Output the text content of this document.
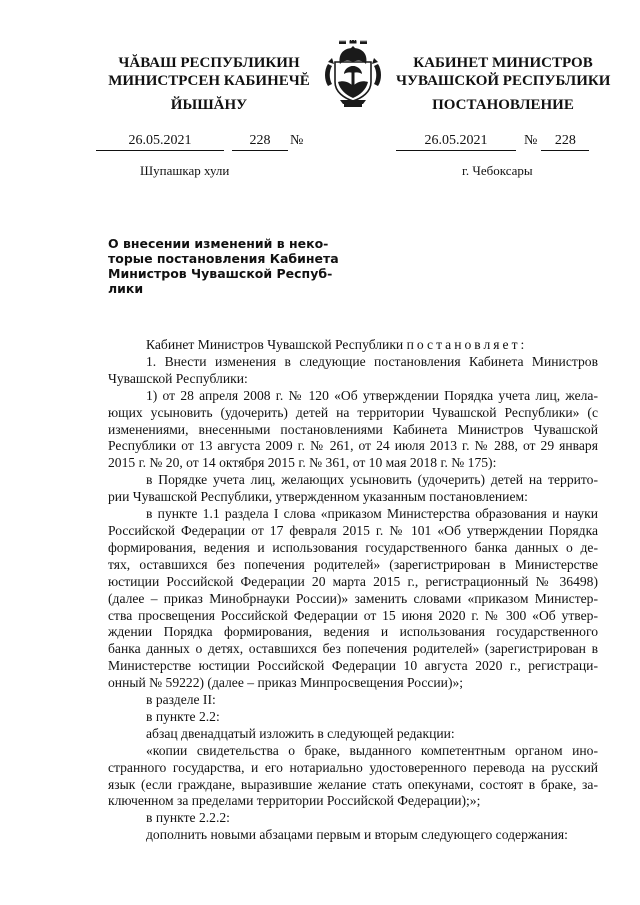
ЧĂВАШ РЕСПУБЛИКИН
МИНИСТРСЕН КАБИНЕЧĔ
КАБИНЕТ МИНИСТРОВ
ЧУВАШСКОЙ РЕСПУБЛИКИ
ЙЫШĂНУ	ПОСТАНОВЛЕНИЕ
26.05.2021	228 №	26.05.2021	№ 228
Шупашкар хули	г. Чебоксары
О внесении изменений в неко-
торые постановления Кабинета
Министров Чувашской Респуб-
лики
Кабинет Министров Чувашской Республики постановляет:
1. Внести изменения в следующие постановления Кабинета Министров
Чувашской Республики:
1) от 28 апреля 2008 г. № 120 «Об утверждении Порядка учета лиц, жела-
ющих усыновить (удочерить) детей на территории Чувашской Республики» (с
изменениями, внесенными постановлениями Кабинета Министров Чувашской
Республики от 13 августа 2009 г. № 261, от 24 июля 2013 г. № 288, от 29 января
2015 г. № 20, от 14 октября 2015 г. № 361, от 10 мая 2018 г. № 175):
в Порядке учета лиц, желающих усыновить (удочерить) детей на террито-
рии Чувашской Республики, утвержденном указанным постановлением:
в пункте 1.1 раздела I слова «приказом Министерства образования и науки
Российской Федерации от 17 февраля 2015 г. № 101 «Об утверждении Порядка
формирования, ведения и использования государственного банка данных о де-
тях, оставшихся без попечения родителей» (зарегистрирован в Министерстве
юстиции Российской Федерации 20 марта 2015 г., регистрационный № 36498)
(далее – приказ Минобрнауки России)» заменить словами «приказом Министер-
ства просвещения Российской Федерации от 15 июня 2020 г. № 300 «Об утвер-
ждении Порядка формирования, ведения и использования государственного
банка данных о детях, оставшихся без попечения родителей» (зарегистрирован в
Министерстве юстиции Российской Федерации 10 августа 2020 г., регистраци-
онный № 59222) (далее – приказ Минпросвещения России)»;
в разделе II:
в пункте 2.2:
абзац двенадцатый изложить в следующей редакции:
«копии свидетельства о браке, выданного компетентным органом ино-
странного государства, и его нотариально удостоверенного перевода на русский
язык (если граждане, выразившие желание стать опекунами, состоят в браке, за-
ключенном за пределами территории Российской Федерации);»;
в пункте 2.2.2:
дополнить новыми абзацами первым и вторым следующего содержания:
